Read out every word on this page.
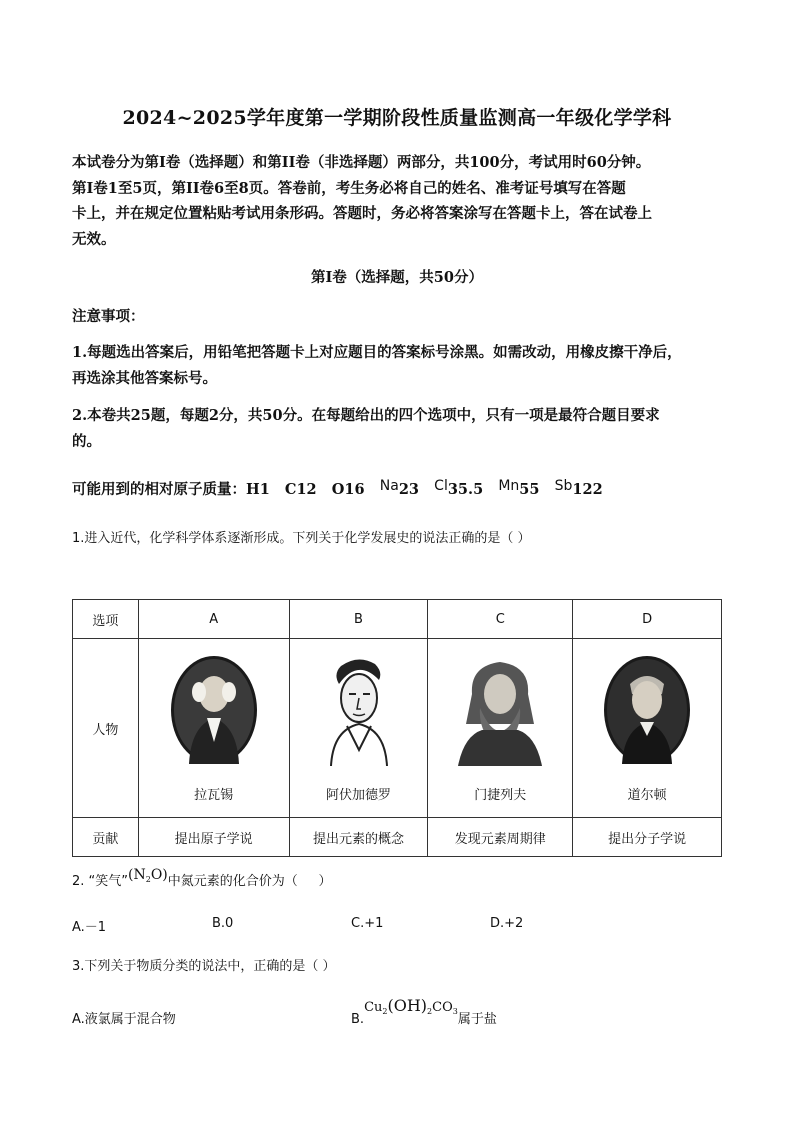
2024~2025学年度第一学期阶段性质量监测高一年级化学学科
本试卷分为第I卷（选择题）和第II卷（非选择题）两部分，共100分，考试用时60分钟。
第I卷1至5页，第II卷6至8页。答卷前，考生务必将自己的姓名、准考证号填写在答题
卡上，并在规定位置粘贴考试用条形码。答题时，务必将答案涂写在答题卡上，答在试卷上
无效。
第I卷（选择题，共50分）
注意事项：
1.每题选出答案后，用铅笔把答题卡上对应题目的答案标号涂黑。如需改动，用橡皮擦干净后，
再选涂其他答案标号。
2.本卷共25题，每题2分，共50分。在每题给出的四个选项中，只有一项是最符合题目要求
的。
可能用到的相对原子质量：H1   C12   O16 Na23 Cl35.5 Mn55 Sb122
1.进入近代，化学科学体系逐渐形成。下列关于化学发展史的说法正确的是（ ）
选项	A	B	C	D
人物	拉瓦锡	阿伏加德罗	门捷列夫	道尔顿

贡献	提出原子学说	提出元素的概念	发现元素周期律	提出分子学说
2. “笑气$”(N_2O)$中氮元素的化合价为（     ）
A.－1	B.0	C.+1	D.+2
3.下列关于物质分类的说法中，正确的是（ ）
A.液氯属于混合物	$B.Cu_2(OH)_2CO_3$属于盐
